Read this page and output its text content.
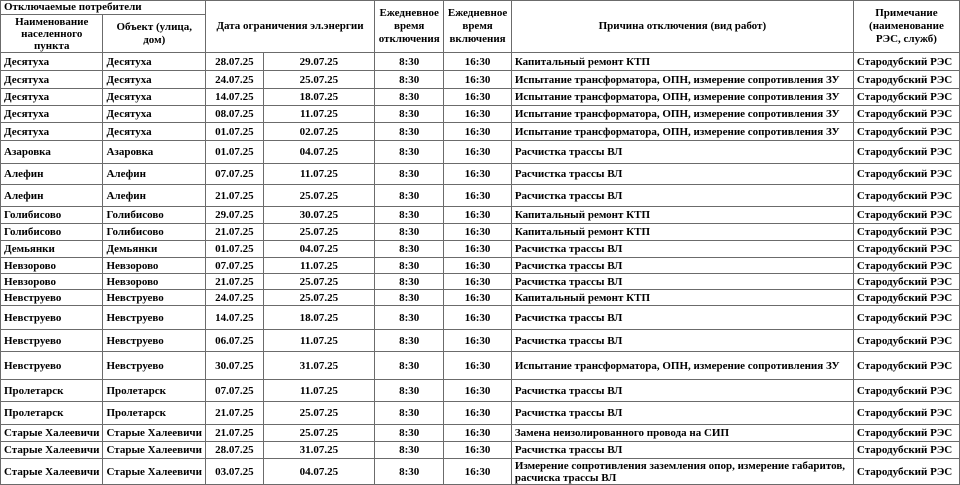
Отключаемые потребители		Дата ограничения эл.энергии		Ежедневное время отключения	Ежедневное время включения	Причина отключения (вид работ)	Примечание (наименование РЭС, служб)
Наименование населенного пункта	Объект (улица, дом)						
Десятуха	Десятуха	28.07.25	29.07.25	8:30	16:30	Капитальный ремонт КТП	Стародубский РЭС
Десятуха	Десятуха	24.07.25	25.07.25	8:30	16:30	Испытание трансформатора, ОПН, измерение сопротивления ЗУ	Стародубский РЭС
Десятуха	Десятуха	14.07.25	18.07.25	8:30	16:30	Испытание трансформатора, ОПН, измерение сопротивления ЗУ	Стародубский РЭС
Десятуха	Десятуха	08.07.25	11.07.25	8:30	16:30	Испытание трансформатора, ОПН, измерение сопротивления ЗУ	Стародубский РЭС
Десятуха	Десятуха	01.07.25	02.07.25	8:30	16:30	Испытание трансформатора, ОПН, измерение сопротивления ЗУ	Стародубский РЭС
Азаровка	Азаровка	01.07.25	04.07.25	8:30	16:30	Расчистка трассы ВЛ	Стародубский РЭС
Алефин	Алефин	07.07.25	11.07.25	8:30	16:30	Расчистка трассы ВЛ	Стародубский РЭС
Алефин	Алефин	21.07.25	25.07.25	8:30	16:30	Расчистка трассы ВЛ	Стародубский РЭС
Голибисово	Голибисово	29.07.25	30.07.25	8:30	16:30	Капитальный ремонт КТП	Стародубский РЭС
Голибисово	Голибисово	21.07.25	25.07.25	8:30	16:30	Капитальный ремонт КТП	Стародубский РЭС
Демьянки	Демьянки	01.07.25	04.07.25	8:30	16:30	Расчистка трассы ВЛ	Стародубский РЭС
Невзорово	Невзорово	07.07.25	11.07.25	8:30	16:30	Расчистка трассы ВЛ	Стародубский РЭС
Невзорово	Невзорово	21.07.25	25.07.25	8:30	16:30	Расчистка трассы ВЛ	Стародубский РЭС
Невструево	Невструево	24.07.25	25.07.25	8:30	16:30	Капитальный ремонт КТП	Стародубский РЭС
Невструево	Невструево	14.07.25	18.07.25	8:30	16:30	Расчистка трассы ВЛ	Стародубский РЭС
Невструево	Невструево	06.07.25	11.07.25	8:30	16:30	Расчистка трассы ВЛ	Стародубский РЭС
Невструево	Невструево	30.07.25	31.07.25	8:30	16:30	Испытание трансформатора, ОПН, измерение сопротивления ЗУ	Стародубский РЭС
Пролетарск	Пролетарск	07.07.25	11.07.25	8:30	16:30	Расчистка трассы ВЛ	Стародубский РЭС
Пролетарск	Пролетарск	21.07.25	25.07.25	8:30	16:30	Расчистка трассы ВЛ	Стародубский РЭС
Старые Халеевичи	Старые Халеевичи	21.07.25	25.07.25	8:30	16:30	Замена неизолированного провода на СИП	Стародубский РЭС
Старые Халеевичи	Старые Халеевичи	28.07.25	31.07.25	8:30	16:30	Расчистка трассы ВЛ	Стародубский РЭС
Старые Халеевичи	Старые Халеевичи	03.07.25	04.07.25	8:30	16:30	Измерение сопротивления заземления опор, измерение габаритов, расчиска трассы ВЛ	Стародубский РЭС
